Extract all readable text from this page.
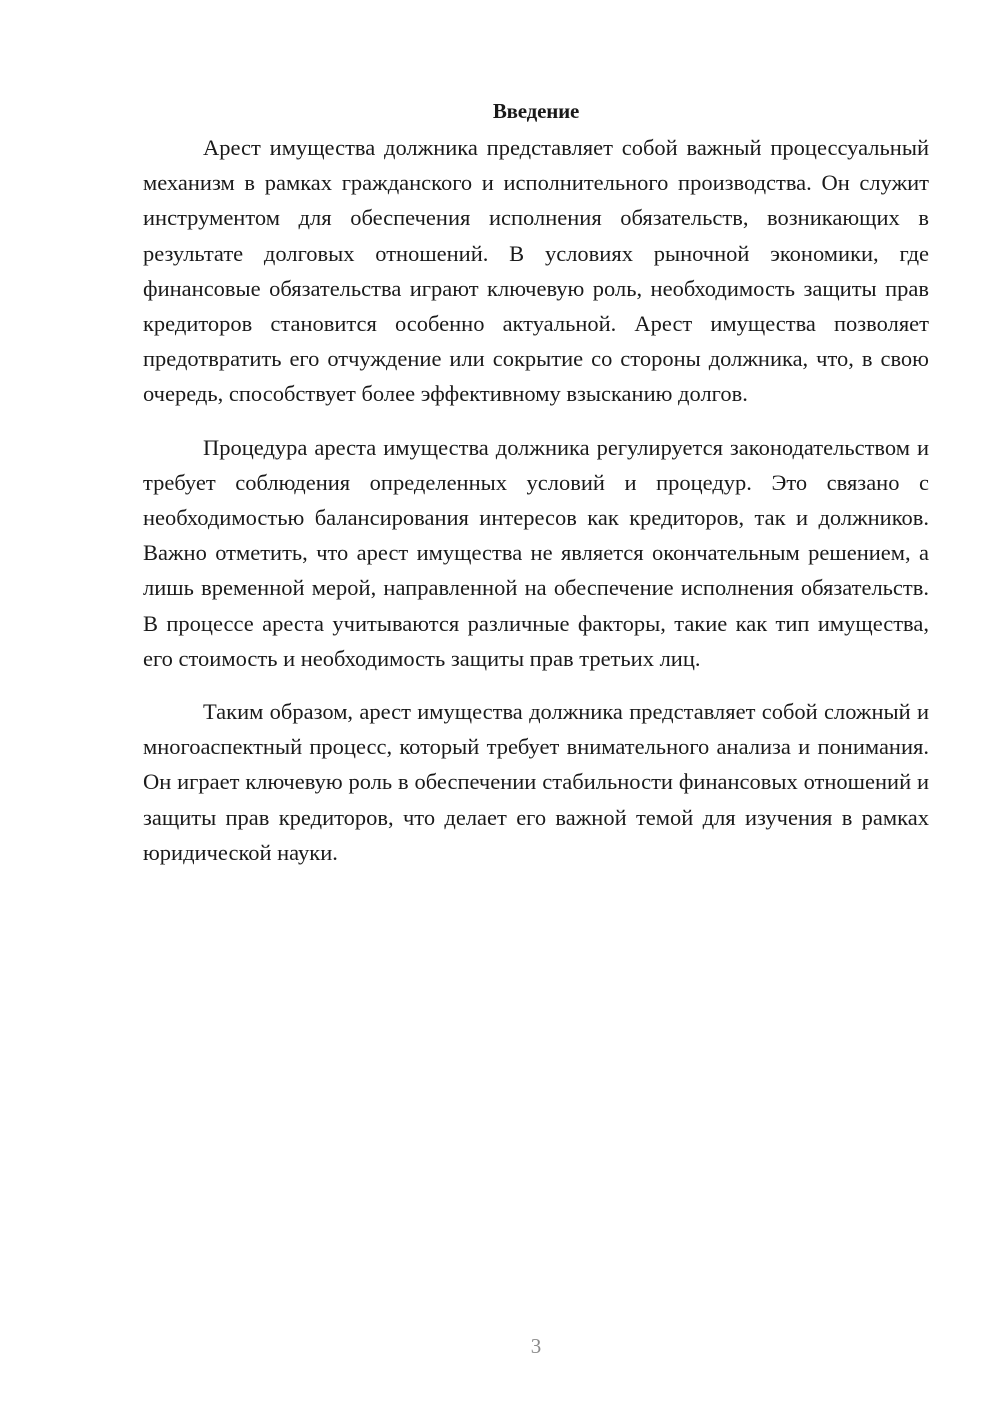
Введение

Арест имущества должника представляет собой важный процессуальный механизм в рамках гражданского и исполнительного производства. Он служит инструментом для обеспечения исполнения обязательств, возникающих в результате долговых отношений. В условиях рыночной экономики, где финансовые обязательства играют ключевую роль, необходимость защиты прав кредиторов становится особенно актуальной. Арест имущества позволяет предотвратить его отчуждение или сокрытие со стороны должника, что, в свою очередь, способствует более эффективному взысканию долгов.

Процедура ареста имущества должника регулируется законодательством и требует соблюдения определенных условий и процедур. Это связано с необходимостью балансирования интересов как кредиторов, так и должников. Важно отметить, что арест имущества не является окончательным решением, а лишь временной мерой, направленной на обеспечение исполнения обязательств. В процессе ареста учитываются различные факторы, такие как тип имущества, его стоимость и необходимость защиты прав третьих лиц.

Таким образом, арест имущества должника представляет собой сложный и многоаспектный процесс, который требует внимательного анализа и понимания. Он играет ключевую роль в обеспечении стабильности финансовых отношений и защиты прав кредиторов, что делает его важной темой для изучения в рамках юридической науки.

3
